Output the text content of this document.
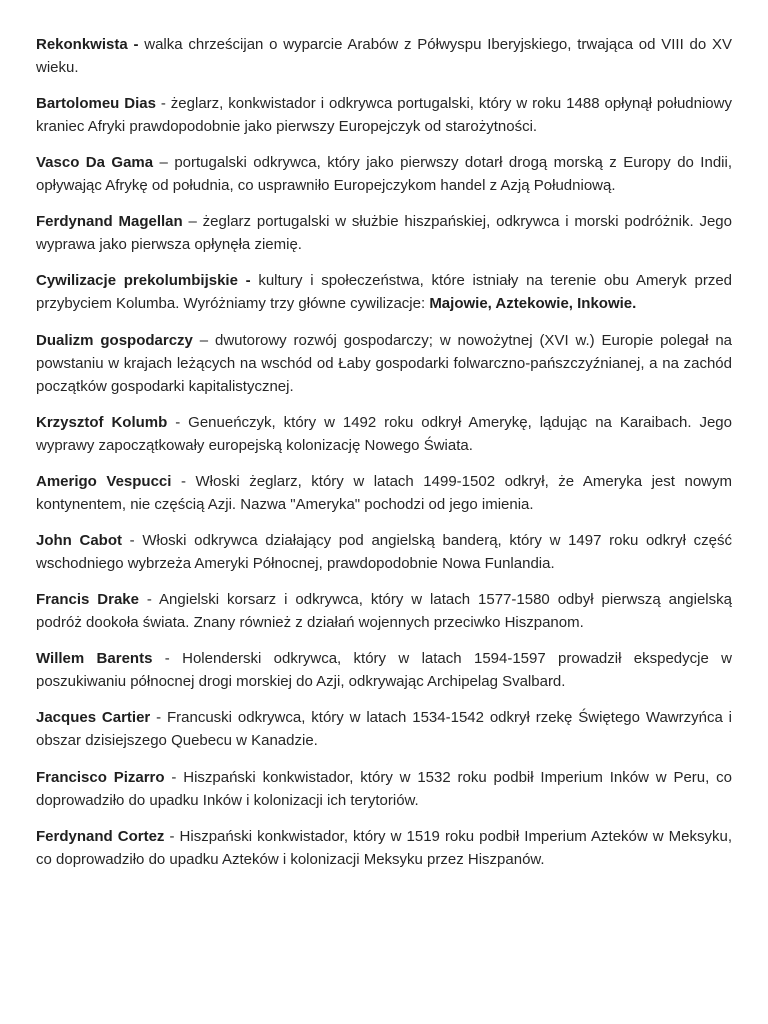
Rekonkwista - walka chrześcijan o wyparcie Arabów z Półwyspu Iberyjskiego, trwająca od VIII do XV wieku.

Bartolomeu Dias - żeglarz, konkwistador i odkrywca portugalski, który w roku 1488 opłynął południowy kraniec Afryki prawdopodobnie jako pierwszy Europejczyk od starożytności.

Vasco Da Gama – portugalski odkrywca, który jako pierwszy dotarł drogą morską z Europy do Indii, opływając Afrykę od południa, co usprawniło Europejczykom handel z Azją Południową.

Ferdynand Magellan – żeglarz portugalski w służbie hiszpańskiej, odkrywca i morski podróżnik. Jego wyprawa jako pierwsza opłynęła ziemię.

Cywilizacje prekolumbijskie - kultury i społeczeństwa, które istniały na terenie obu Ameryk przed przybyciem Kolumba. Wyróżniamy trzy główne cywilizacje: Majowie, Aztekowie, Inkowie.

Dualizm gospodarczy – dwutorowy rozwój gospodarczy; w nowożytnej (XVI w.) Europie polegał na powstaniu w krajach leżących na wschód od Łaby gospodarki folwarczno-pańszczyźnianej, a na zachód początków gospodarki kapitalistycznej.

Krzysztof Kolumb - Genueńczyk, który w 1492 roku odkrył Amerykę, lądując na Karaibach. Jego wyprawy zapoczątkowały europejską kolonizację Nowego Świata.

Amerigo Vespucci - Włoski żeglarz, który w latach 1499-1502 odkrył, że Ameryka jest nowym kontynentem, nie częścią Azji. Nazwa "Ameryka" pochodzi od jego imienia.

John Cabot - Włoski odkrywca działający pod angielską banderą, który w 1497 roku odkrył część wschodniego wybrzeża Ameryki Północnej, prawdopodobnie Nowa Funlandia.

Francis Drake - Angielski korsarz i odkrywca, który w latach 1577-1580 odbył pierwszą angielską podróż dookoła świata. Znany również z działań wojennych przeciwko Hiszpanom.

Willem Barents - Holenderski odkrywca, który w latach 1594-1597 prowadził ekspedycje w poszukiwaniu północnej drogi morskiej do Azji, odkrywając Archipelag Svalbard.

Jacques Cartier - Francuski odkrywca, który w latach 1534-1542 odkrył rzekę Świętego Wawrzyńca i obszar dzisiejszego Quebecu w Kanadzie.

Francisco Pizarro - Hiszpański konkwistador, który w 1532 roku podbił Imperium Inków w Peru, co doprowadziło do upadku Inków i kolonizacji ich terytoriów.

Ferdynand Cortez - Hiszpański konkwistador, który w 1519 roku podbił Imperium Azteków w Meksyku, co doprowadziło do upadku Azteków i kolonizacji Meksyku przez Hiszpanów.
